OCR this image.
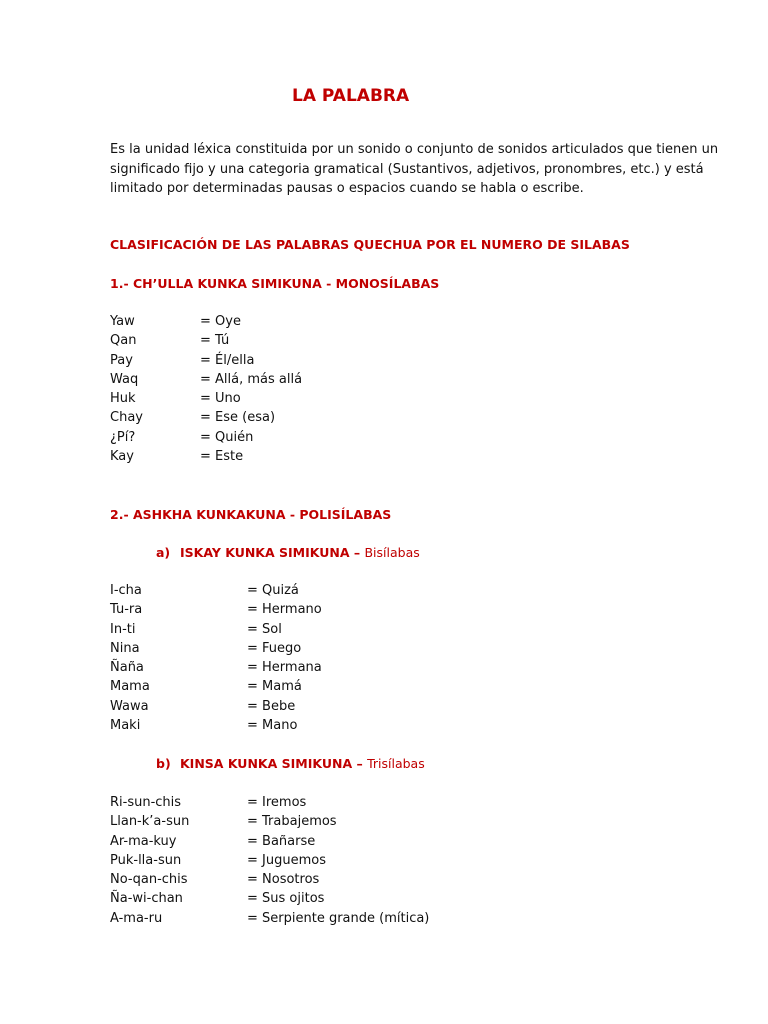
LA PALABRA

Es la unidad léxica constituida por un sonido o conjunto de sonidos articulados que tienen un

significado fijo y una categoria gramatical (Sustantivos, adjetivos, pronombres, etc.) y está

limitado por determinadas pausas o espacios cuando se habla o escribe.

CLASIFICACIÓN DE LAS PALABRAS QUECHUA POR EL NUMERO DE SILABAS
1.- CH’ULLA KUNKA SIMIKUNA - MONOSÍLABAS
Yaw	= Oye
Qan	= Tú
Pay	= Él/ella
Waq	= Allá, más allá
Huk	= Uno
Chay	= Ese (esa)
¿Pí?	= Quién
Kay	= Este
2.- ASHKHA KUNKAKUNA - POLISÍLABAS
a) ISKAY KUNKA SIMIKUNA – Bisílabas
I-cha	= Quizá
Tu-ra	= Hermano
In-ti	= Sol
Nina	= Fuego
Ñaña	= Hermana
Mama	= Mamá
Wawa	= Bebe
Maki	= Mano
b) KINSA KUNKA SIMIKUNA – Trisílabas
Ri-sun-chis	= Iremos
Llan-k’a-sun	= Trabajemos
Ar-ma-kuy	= Bañarse
Puk-lla-sun	= Juguemos
No-qan-chis	= Nosotros
Ña-wi-chan	= Sus ojitos
A-ma-ru	= Serpiente grande (mítica)
